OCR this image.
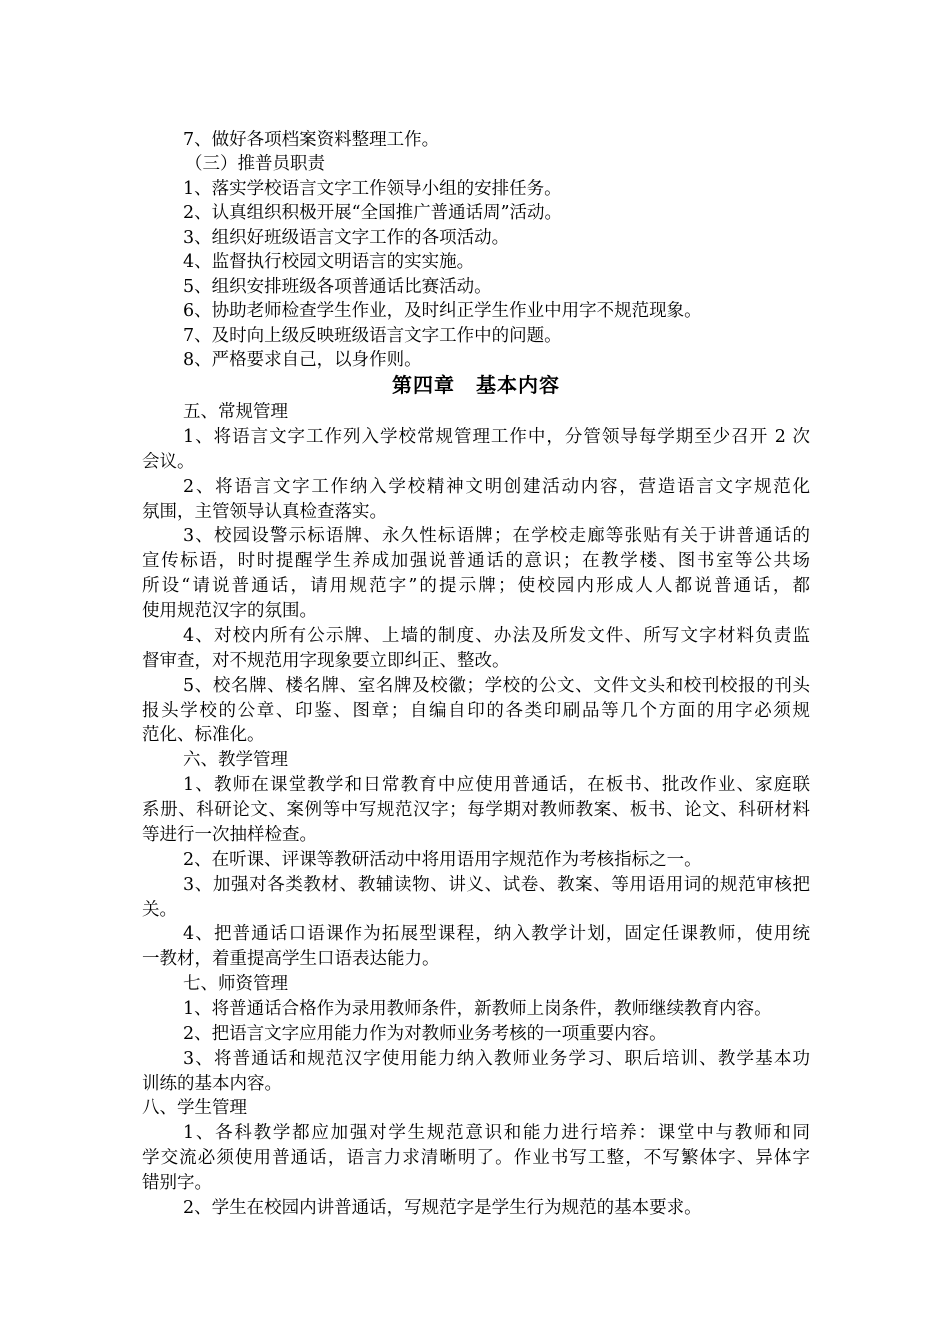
7、做好各项档案资料整理工作。
（三）推普员职责
1、落实学校语言文字工作领导小组的安排任务。
2、认真组织积极开展“全国推广普通话周”活动。
3、组织好班级语言文字工作的各项活动。
4、监督执行校园文明语言的实实施。
5、组织安排班级各项普通话比赛活动。
6、协助老师检查学生作业，及时纠正学生作业中用字不规范现象。
7、及时向上级反映班级语言文字工作中的问题。
8、严格要求自己，以身作则。
第四章　基本内容
五、常规管理
1、将语言文字工作列入学校常规管理工作中，分管领导每学期至少召开 2 次
会议。
2、将语言文字工作纳入学校精神文明创建活动内容，营造语言文字规范化
氛围，主管领导认真检查落实。
3、校园设警示标语牌、永久性标语牌；在学校走廊等张贴有关于讲普通话的
宣传标语，时时提醒学生养成加强说普通话的意识；在教学楼、图书室等公共场
所设“请说普通话，请用规范字”的提示牌；使校园内形成人人都说普通话，都
使用规范汉字的氛围。
4、对校内所有公示牌、上墙的制度、办法及所发文件、所写文字材料负责监
督审查，对不规范用字现象要立即纠正、整改。
5、校名牌、楼名牌、室名牌及校徽；学校的公文、文件文头和校刊校报的刊头
报头学校的公章、印鉴、图章；自编自印的各类印刷品等几个方面的用字必须规
范化、标准化。
六、教学管理
1、教师在课堂教学和日常教育中应使用普通话，在板书、批改作业、家庭联
系册、科研论文、案例等中写规范汉字；每学期对教师教案、板书、论文、科研材料
等进行一次抽样检查。
2、在听课、评课等教研活动中将用语用字规范作为考核指标之一。
3、加强对各类教材、教辅读物、讲义、试卷、教案、等用语用词的规范审核把
关。
4、把普通话口语课作为拓展型课程，纳入教学计划，固定任课教师，使用统
一教材，着重提高学生口语表达能力。
七、师资管理
1、将普通话合格作为录用教师条件，新教师上岗条件，教师继续教育内容。
2、把语言文字应用能力作为对教师业务考核的一项重要内容。
3、将普通话和规范汉字使用能力纳入教师业务学习、职后培训、教学基本功
训练的基本内容。
八、学生管理
1、各科教学都应加强对学生规范意识和能力进行培养：课堂中与教师和同
学交流必须使用普通话，语言力求清晰明了。作业书写工整，不写繁体字、异体字
错别字。
2、学生在校园内讲普通话，写规范字是学生行为规范的基本要求。
